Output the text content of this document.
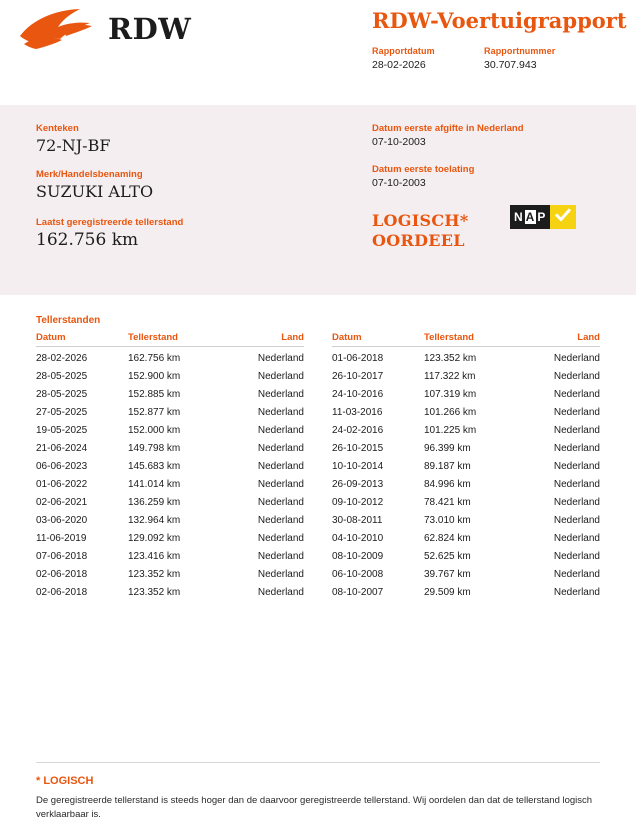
RDW	RDW-Voertuigrapport
Rapportdatum
28-02-2026
Rapportnummer
30.707.943
Kenteken
72-NJ-BF
Merk/Handelsbenaming
SUZUKI ALTO
Datum eerste afgifte in Nederland
07-10-2003
Datum eerste toelating
07-10-2003
LOGISCH*
OORDEEL
N A P
Laatst geregistreerde tellerstand
162.756 km
Tellerstanden
Datum	Tellerstand	Land
28-02-2026	162.756 km	Nederland
28-05-2025	152.900 km	Nederland
28-05-2025	152.885 km	Nederland
27-05-2025	152.877 km	Nederland
19-05-2025	152.000 km	Nederland
21-06-2024	149.798 km	Nederland
06-06-2023	145.683 km	Nederland
01-06-2022	141.014 km	Nederland
02-06-2021	136.259 km	Nederland
03-06-2020	132.964 km	Nederland
11-06-2019	129.092 km	Nederland
07-06-2018	123.416 km	Nederland
02-06-2018	123.352 km	Nederland
02-06-2018	123.352 km	Nederland
Datum	Tellerstand	Land
01-06-2018	123.352 km	Nederland
26-10-2017	117.322 km	Nederland
24-10-2016	107.319 km	Nederland
11-03-2016	101.266 km	Nederland
24-02-2016	101.225 km	Nederland
26-10-2015	96.399 km	Nederland
10-10-2014	89.187 km	Nederland
26-09-2013	84.996 km	Nederland
09-10-2012	78.421 km	Nederland
30-08-2011	73.010 km	Nederland
04-10-2010	62.824 km	Nederland
08-10-2009	52.625 km	Nederland
06-10-2008	39.767 km	Nederland
08-10-2007	29.509 km	Nederland
* LOGISCH
De geregistreerde tellerstand is steeds hoger dan de daarvoor geregistreerde tellerstand. Wij oordelen dan dat de tellerstand logisch verklaarbaar is.
